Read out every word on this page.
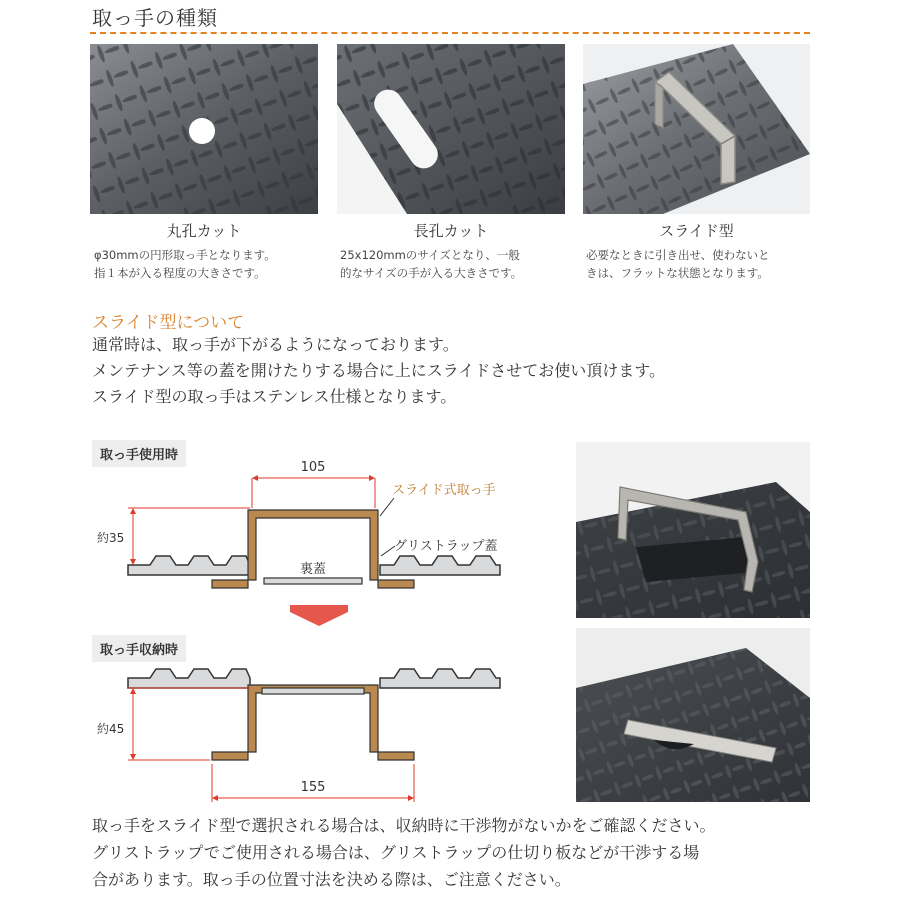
取っ手の種類
丸孔カット
φ30mmの円形取っ手となります。
指１本が入る程度の大きさです。
長孔カット
25x120mmのサイズとなり、一般
的なサイズの手が入る大きさです。
スライド型
必要なときに引き出せ、使わないと
きは、フラットな状態となります。
スライド型について
通常時は、取っ手が下がるようになっております。
メンテナンス等の蓋を開けたりする場合に上にスライドさせてお使い頂けます。
スライド型の取っ手はステンレス仕様となります。
取っ手使用時
取っ手収納時
裏蓋
105
約35
スライド式取っ手
グリストラップ蓋
約45
155
取っ手をスライド型で選択される場合は、収納時に干渉物がないかをご確認ください。
グリストラップでご使用される場合は、グリストラップの仕切り板などが干渉する場
合があります。取っ手の位置寸法を決める際は、ご注意ください。
